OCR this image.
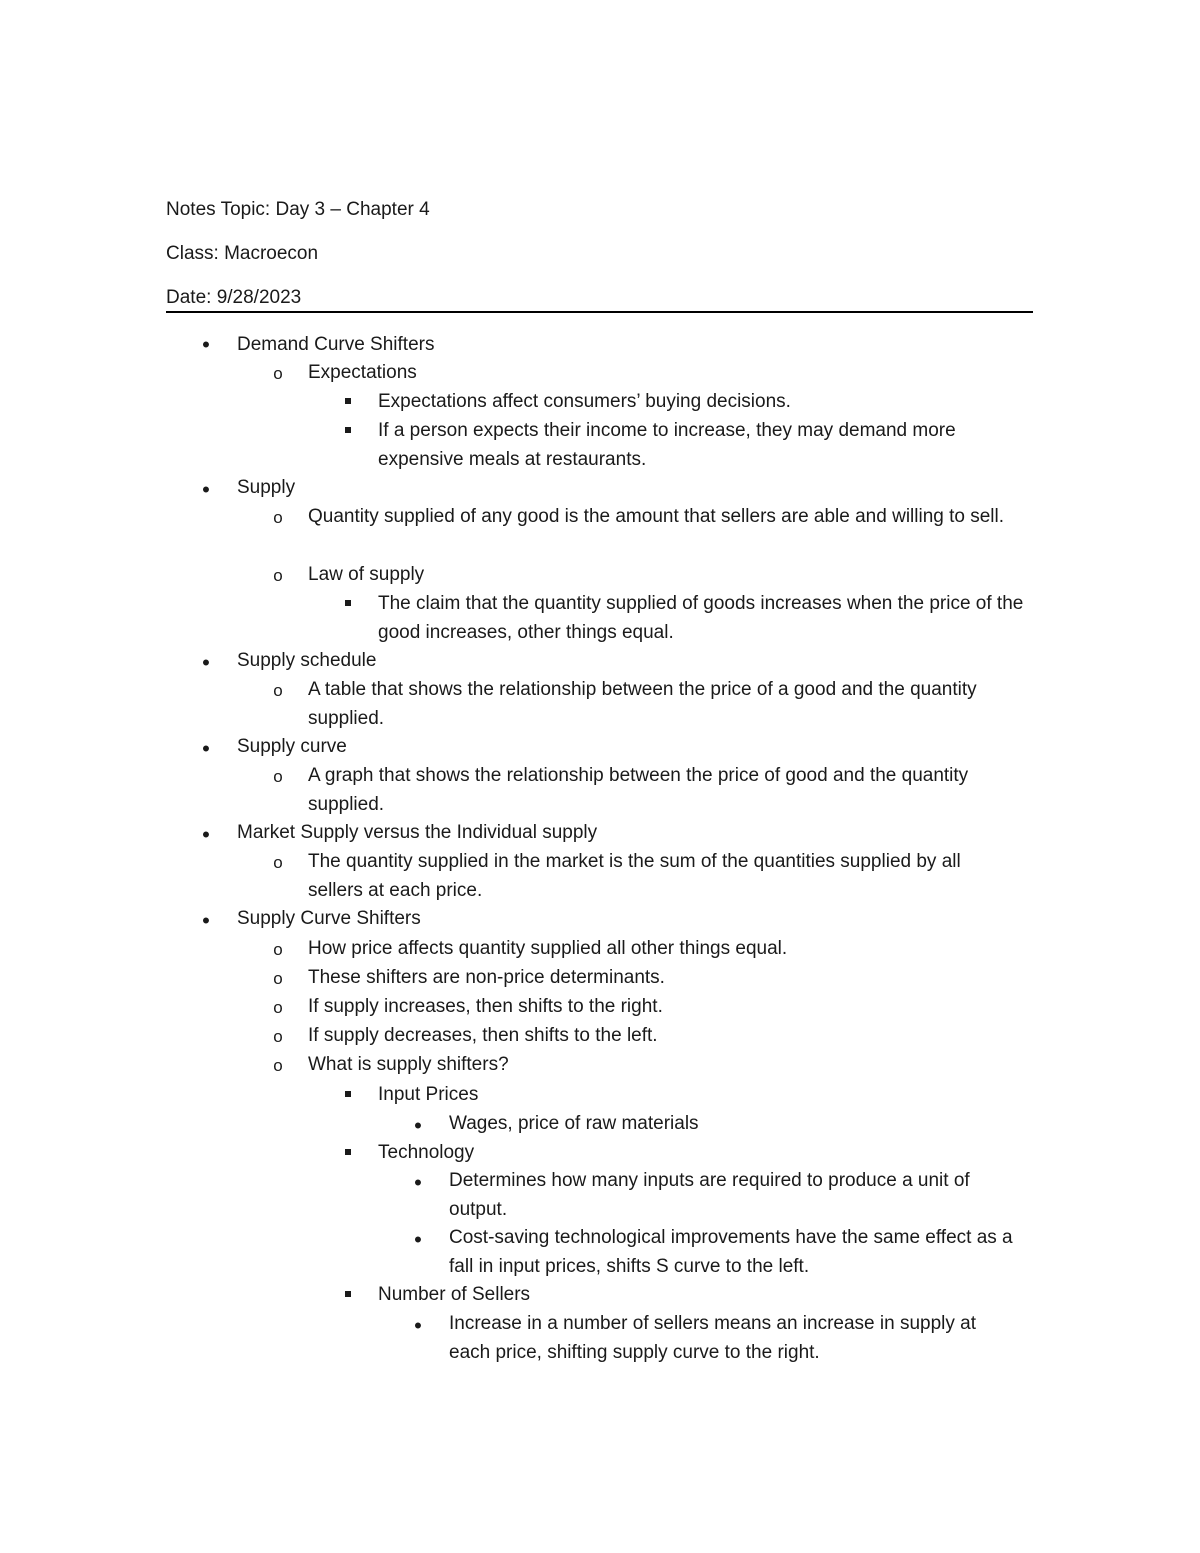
Notes Topic: Day 3 – Chapter 4
Class: Macroecon
Date: 9/28/2023
•
Demand Curve Shifters
o Expectations
Expectations affect consumers’ buying decisions.
If a person expects their income to increase, they may demand more expensive meals at restaurants.
•
Supply
o Quantity supplied of any good is the amount that sellers are able and willing to sell.
o Law of supply
The claim that the quantity supplied of goods increases when the price of the good increases, other things equal.
•
Supply schedule
o A table that shows the relationship between the price of a good and the quantity supplied.
•
Supply curve
o A graph that shows the relationship between the price of good and the quantity supplied.
•
Market Supply versus the Individual supply
o The quantity supplied in the market is the sum of the quantities supplied by all sellers at each price.
•
Supply Curve Shifters
o How price affects quantity supplied all other things equal.
o These shifters are non-price determinants.
o If supply increases, then shifts to the right.
o If supply decreases, then shifts to the left.
o What is supply shifters?
Input Prices
•
Wages, price of raw materials
Technology
•
Determines how many inputs are required to produce a unit of output.
•
Cost-saving technological improvements have the same effect as a fall in input prices, shifts S curve to the left.
Number of Sellers
•
Increase in a number of sellers means an increase in supply at each price, shifting supply curve to the right.
